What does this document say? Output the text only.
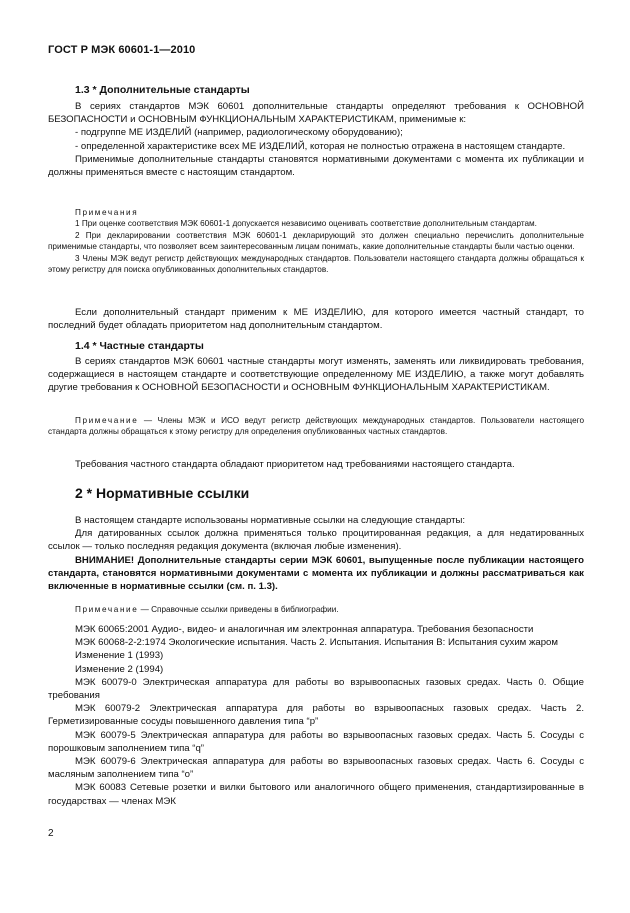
ГОСТ Р МЭК 60601-1—2010
1.3 * Дополнительные стандарты

В сериях стандартов МЭК 60601 дополнительные стандарты определяют требования к ОСНОВНОЙ БЕЗОПАСНОСТИ и ОСНОВНЫМ ФУНКЦИОНАЛЬНЫМ ХАРАКТЕРИСТИКАМ, применимые к:

- подгруппе МЕ ИЗДЕЛИЙ (например, радиологическому оборудованию);

- определенной характеристике всех МЕ ИЗДЕЛИЙ, которая не полностью отражена в настоящем стандарте.

Применимые дополнительные стандарты становятся нормативными документами с момента их публикации и должны применяться вместе с настоящим стандартом.

Примечания

1 При оценке соответствия МЭК 60601-1 допускается независимо оценивать соответствие дополнительным стандартам.

2 При декларировании соответствия МЭК 60601-1 декларирующий это должен специально перечислить дополнительные применимые стандарты, что позволяет всем заинтересованным лицам понимать, какие дополнительные стандарты были частью оценки.

3 Члены МЭК ведут регистр действующих международных стандартов. Пользователи настоящего стандарта должны обращаться к этому регистру для поиска опубликованных дополнительных стандартов.

Если дополнительный стандарт применим к МЕ ИЗДЕЛИЮ, для которого имеется частный стандарт, то последний будет обладать приоритетом над дополнительным стандартом.

1.4 * Частные стандарты

В сериях стандартов МЭК 60601 частные стандарты могут изменять, заменять или ликвидировать требования, содержащиеся в настоящем стандарте и соответствующие определенному МЕ ИЗДЕЛИЮ, а также могут добавлять другие требования к ОСНОВНОЙ БЕЗОПАСНОСТИ и ОСНОВНЫМ ФУНКЦИОНАЛЬНЫМ ХАРАКТЕРИСТИКАМ.

Примечание — Члены МЭК и ИСО ведут регистр действующих международных стандартов. Пользователи настоящего стандарта должны обращаться к этому регистру для определения опубликованных частных стандартов.

Требования частного стандарта обладают приоритетом над требованиями настоящего стандарта.

2 * Нормативные ссылки

В настоящем стандарте использованы нормативные ссылки на следующие стандарты:

Для датированных ссылок должна применяться только процитированная редакция, а для недатированных ссылок — только последняя редакция документа (включая любые изменения).

ВНИМАНИЕ! Дополнительные стандарты серии МЭК 60601, выпущенные после публикации настоящего стандарта, становятся нормативными документами с момента их публикации и должны рассматриваться как включенные в нормативные ссылки (см. п. 1.3).

Примечание — Справочные ссылки приведены в библиографии.

МЭК 60065:2001 Аудио-, видео- и аналогичная им электронная аппаратура. Требования безопасности

МЭК 60068-2-2:1974 Экологические испытания. Часть 2. Испытания. Испытания В: Испытания сухим жаром

Изменение 1 (1993)

Изменение 2 (1994)

МЭК 60079-0 Электрическая аппаратура для работы во взрывоопасных газовых средах. Часть 0. Общие требования

МЭК 60079-2 Электрическая аппаратура для работы во взрывоопасных газовых средах. Часть 2. Герметизированные сосуды повышенного давления типа “р”

МЭК 60079-5 Электрическая аппаратура для работы во взрывоопасных газовых средах. Часть 5. Сосуды с порошковым заполнением типа “q”

МЭК 60079-6 Электрическая аппаратура для работы во взрывоопасных газовых средах. Часть 6. Сосуды с масляным заполнением типа “о”

МЭК 60083 Сетевые розетки и вилки бытового или аналогичного общего применения, стандартизированные в государствах — членах МЭК

2
